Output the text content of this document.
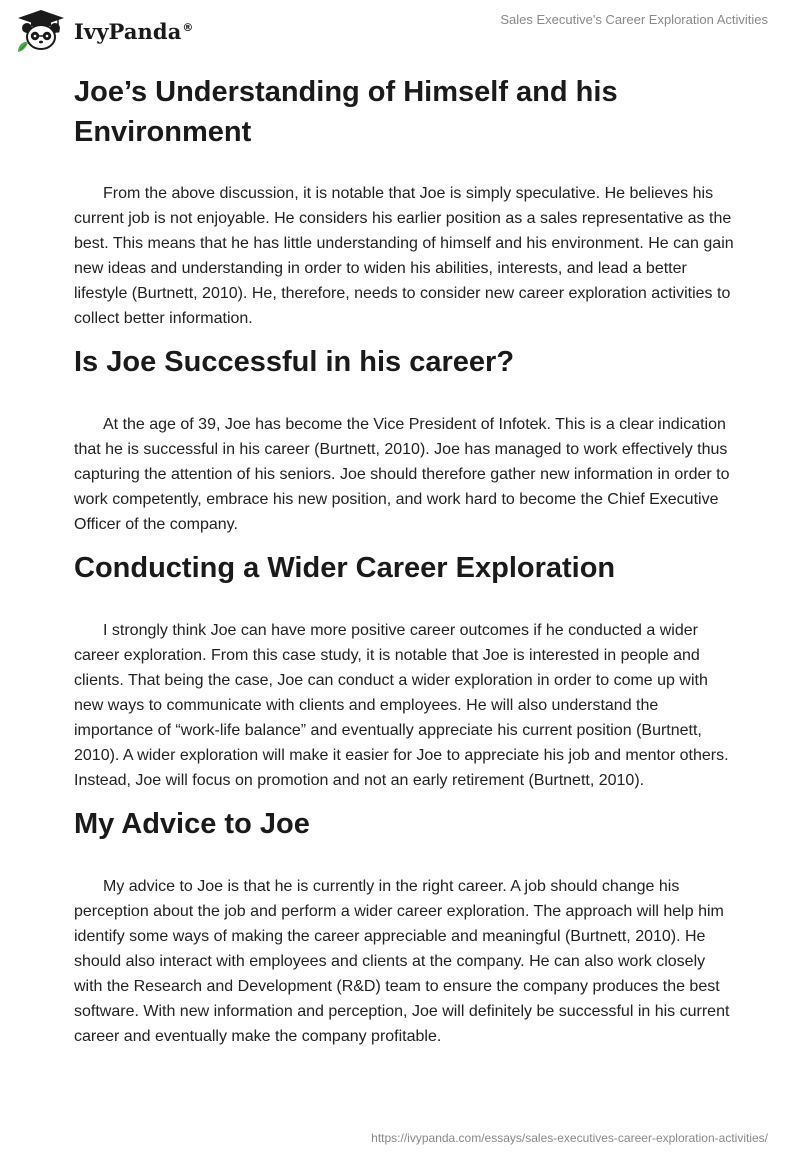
IvyPanda®	Sales Executive's Career Exploration Activities
Joe’s Understanding of Himself and his Environment

From the above discussion, it is notable that Joe is simply speculative. He believes his current job is not enjoyable. He considers his earlier position as a sales representative as the best. This means that he has little understanding of himself and his environment. He can gain new ideas and understanding in order to widen his abilities, interests, and lead a better lifestyle (Burtnett, 2010). He, therefore, needs to consider new career exploration activities to collect better information.

Is Joe Successful in his career?

At the age of 39, Joe has become the Vice President of Infotek. This is a clear indication that he is successful in his career (Burtnett, 2010). Joe has managed to work effectively thus capturing the attention of his seniors. Joe should therefore gather new information in order to work competently, embrace his new position, and work hard to become the Chief Executive Officer of the company.

Conducting a Wider Career Exploration

I strongly think Joe can have more positive career outcomes if he conducted a wider career exploration. From this case study, it is notable that Joe is interested in people and clients. That being the case, Joe can conduct a wider exploration in order to come up with new ways to communicate with clients and employees. He will also understand the importance of “work-life balance” and eventually appreciate his current position (Burtnett, 2010). A wider exploration will make it easier for Joe to appreciate his job and mentor others. Instead, Joe will focus on promotion and not an early retirement (Burtnett, 2010).

My Advice to Joe

My advice to Joe is that he is currently in the right career. A job should change his perception about the job and perform a wider career exploration. The approach will help him identify some ways of making the career appreciable and meaningful (Burtnett, 2010). He should also interact with employees and clients at the company. He can also work closely with the Research and Development (R&D) team to ensure the company produces the best software. With new information and perception, Joe will definitely be successful in his current career and eventually make the company profitable.

https://ivypanda.com/essays/sales-executives-career-exploration-activities/
